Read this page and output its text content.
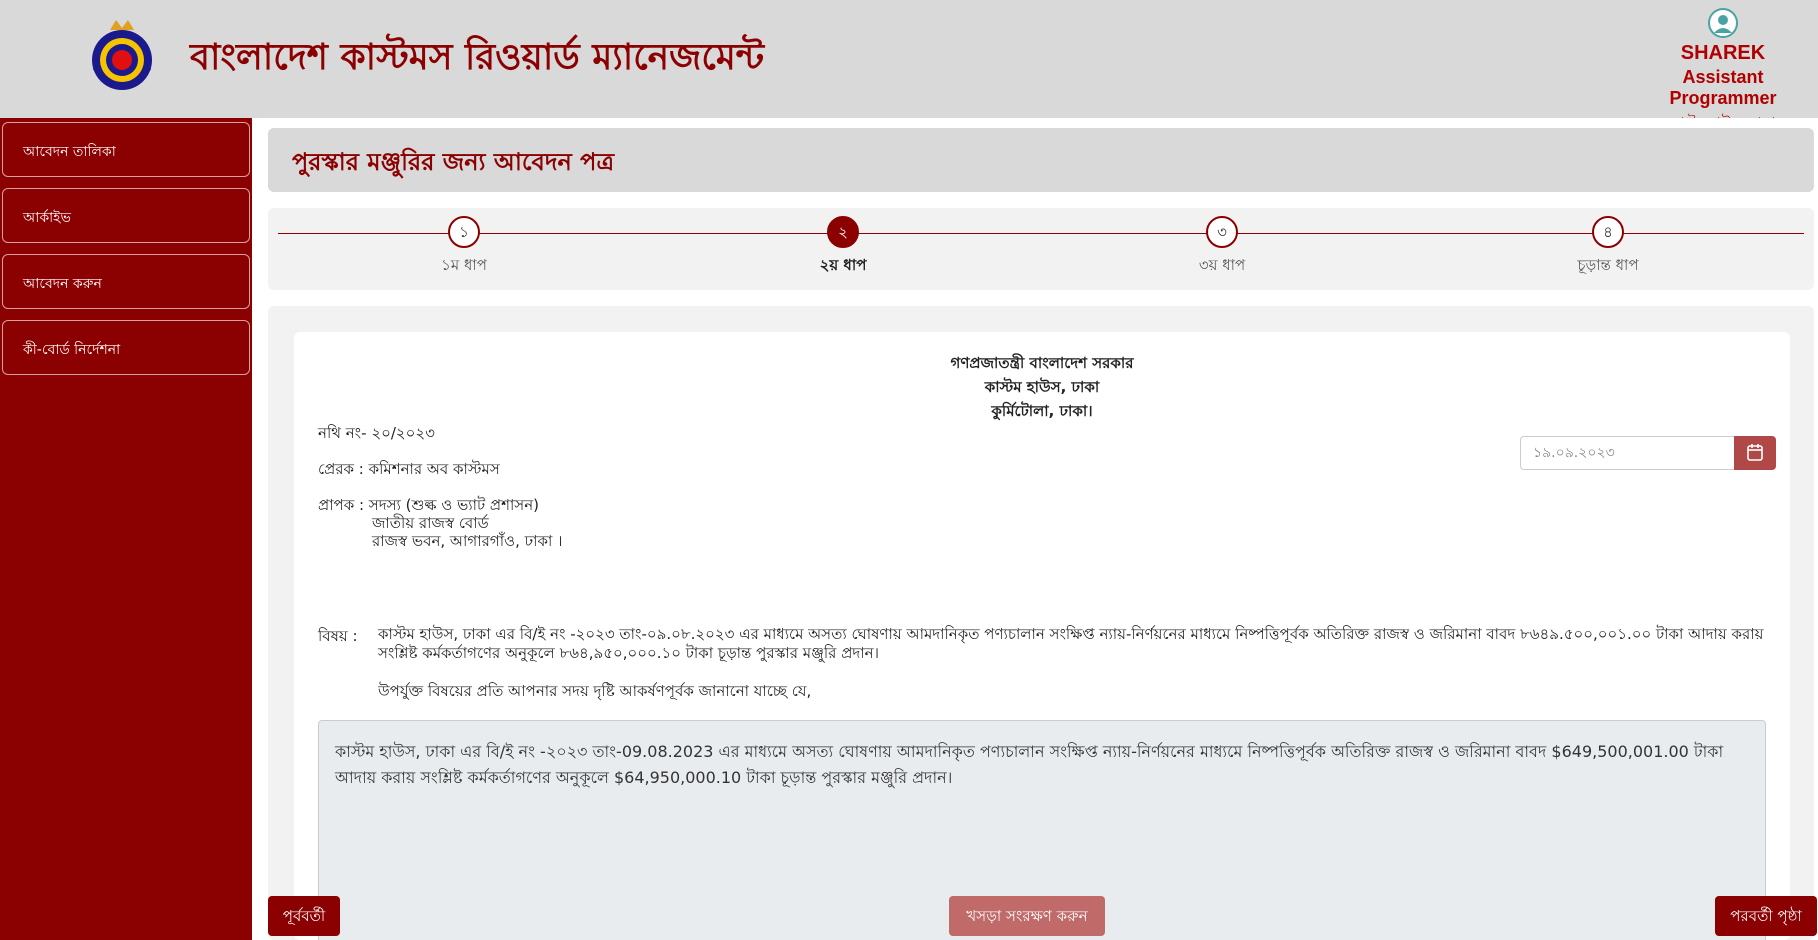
বাংলাদেশ কাস্টমস রিওয়ার্ড ম্যানেজমেন্ট	SHAREK
Assistant Programmer
আবেদন তালিকা
আর্কাইভ
আবেদন করুন
কী-বোর্ড নির্দেশনা
পুরস্কার মঞ্জুরির জন্য আবেদন পত্র
১
১ম ধাপ
২
২য় ধাপ
৩
৩য় ধাপ
৪
চূড়ান্ত ধাপ
গণপ্রজাতন্ত্রী বাংলাদেশ সরকার
কাস্টম হাউস, ঢাকা
কুর্মিটোলা, ঢাকা।
নথি নং- ২০/২০২৩
১৯.০৯.২০২৩
প্রেরক : কমিশনার অব কাস্টমস
প্রাপক : সদস্য (শুল্ক ও ভ্যাট প্রশাসন)
জাতীয় রাজস্ব বোর্ড
রাজস্ব ভবন, আগারগাঁও, ঢাকা ।
বিষয় : কাস্টম হাউস, ঢাকা এর বি/ই নং -২০২৩ তাং-০৯.০৮.২০২৩ এর মাধ্যমে অসত্য ঘোষণায় আমদানিকৃত পণ্যচালান সংক্ষিপ্ত ন্যায়-নির্ণয়নের মাধ্যমে নিষ্পত্তিপূর্বক অতিরিক্ত রাজস্ব ও জরিমানা বাবদ ৮৬৪৯.৫০০,০০১.০০ টাকা আদায় করায় সংশ্লিষ্ট কর্মকর্তাগণের অনুকূলে ৮৬৪,৯৫০,০০০.১০ টাকা চূড়ান্ত পুরস্কার মঞ্জুরি প্রদান।
উপর্যুক্ত বিষয়ের প্রতি আপনার সদয় দৃষ্টি আকর্ষণপূর্বক জানানো যাচ্ছে যে,
কাস্টম হাউস, ঢাকা এর বি/ই নং -২০২৩ তাং-09.08.2023 এর মাধ্যমে অসত্য ঘোষণায় আমদানিকৃত পণ্যচালান সংক্ষিপ্ত ন্যায়-নির্ণয়নের মাধ্যমে নিষ্পত্তিপূর্বক অতিরিক্ত রাজস্ব ও জরিমানা বাবদ $649,500,001.00 টাকা আদায় করায় সংশ্লিষ্ট কর্মকর্তাগণের অনুকূলে $64,950,000.10 টাকা চূড়ান্ত পুরস্কার মঞ্জুরি প্রদান।
পূর্ববর্তী	খসড়া সংরক্ষণ করুন	পরবর্তী পৃষ্ঠা
